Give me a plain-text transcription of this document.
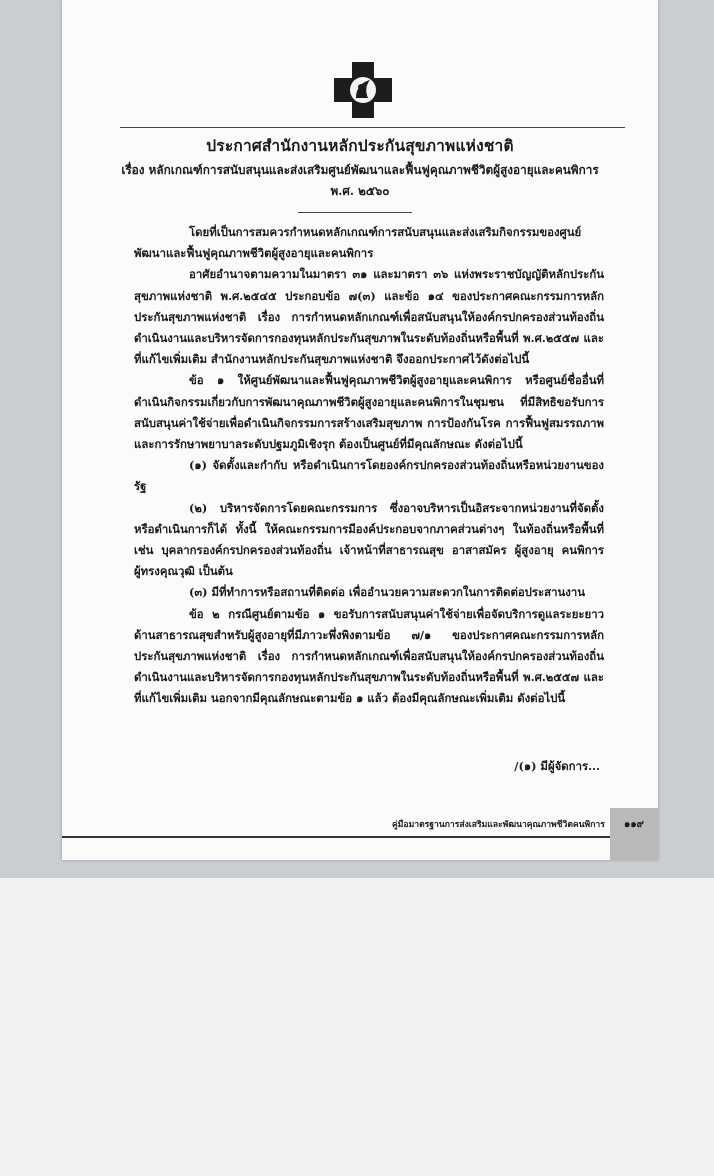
ประกาศสำนักงานหลักประกันสุขภาพแห่งชาติ
เรื่อง หลักเกณฑ์การสนับสนุนและส่งเสริมศูนย์พัฒนาและฟื้นฟูคุณภาพชีวิตผู้สูงอายุและคนพิการ
พ.ศ. ๒๕๖๐

โดยที่เป็นการสมควรกำหนดหลักเกณฑ์การสนับสนุนและส่งเสริมกิจกรรมของศูนย์พัฒนาและฟื้นฟูคุณภาพชีวิตผู้สูงอายุและคนพิการ

อาศัยอำนาจตามความในมาตรา ๓๑ และมาตรา ๓๖ แห่งพระราชบัญญัติหลักประกันสุขภาพแห่งชาติ พ.ศ.๒๕๔๕ ประกอบข้อ ๗(๓) และข้อ ๑๔ ของประกาศคณะกรรมการหลักประกันสุขภาพแห่งชาติ เรื่อง การกำหนดหลักเกณฑ์เพื่อสนับสนุนให้องค์กรปกครองส่วนท้องถิ่นดำเนินงานและบริหารจัดการกองทุนหลักประกันสุขภาพในระดับท้องถิ่นหรือพื้นที่ พ.ศ.๒๕๕๗ และที่แก้ไขเพิ่มเติม สำนักงานหลักประกันสุขภาพแห่งชาติ จึงออกประกาศไว้ดังต่อไปนี้

ข้อ ๑ ให้ศูนย์พัฒนาและฟื้นฟูคุณภาพชีวิตผู้สูงอายุและคนพิการ หรือศูนย์ชื่ออื่นที่ดำเนินกิจกรรมเกี่ยวกับการพัฒนาคุณภาพชีวิตผู้สูงอายุและคนพิการในชุมชน ที่มีสิทธิขอรับการสนับสนุนค่าใช้จ่ายเพื่อดำเนินกิจกรรมการสร้างเสริมสุขภาพ การป้องกันโรค การฟื้นฟูสมรรถภาพ และการรักษาพยาบาลระดับปฐมภูมิเชิงรุก ต้องเป็นศูนย์ที่มีคุณลักษณะ ดังต่อไปนี้

(๑) จัดตั้งและกำกับ หรือดำเนินการโดยองค์กรปกครองส่วนท้องถิ่นหรือหน่วยงานของรัฐ

(๒) บริหารจัดการโดยคณะกรรมการ ซึ่งอาจบริหารเป็นอิสระจากหน่วยงานที่จัดตั้งหรือดำเนินการก็ได้ ทั้งนี้ ให้คณะกรรมการมีองค์ประกอบจากภาคส่วนต่างๆ ในท้องถิ่นหรือพื้นที่ เช่น บุคลากรองค์กรปกครองส่วนท้องถิ่น เจ้าหน้าที่สาธารณสุข อาสาสมัคร ผู้สูงอายุ คนพิการ ผู้ทรงคุณวุฒิ เป็นต้น

(๓) มีที่ทำการหรือสถานที่ติดต่อ เพื่ออำนวยความสะดวกในการติดต่อประสานงาน

ข้อ ๒ กรณีศูนย์ตามข้อ ๑ ขอรับการสนับสนุนค่าใช้จ่ายเพื่อจัดบริการดูแลระยะยาวด้านสาธารณสุขสำหรับผู้สูงอายุที่มีภาวะพึ่งพิงตามข้อ ๗/๑ ของประกาศคณะกรรมการหลักประกันสุขภาพแห่งชาติ เรื่อง การกำหนดหลักเกณฑ์เพื่อสนับสนุนให้องค์กรปกครองส่วนท้องถิ่นดำเนินงานและบริหารจัดการกองทุนหลักประกันสุขภาพในระดับท้องถิ่นหรือพื้นที่ พ.ศ.๒๕๕๗ และที่แก้ไขเพิ่มเติม นอกจากมีคุณลักษณะตามข้อ ๑ แล้ว ต้องมีคุณลักษณะเพิ่มเติม ดังต่อไปนี้

/(๑) มีผู้จัดการ...
คู่มือมาตรฐานการส่งเสริมและพัฒนาคุณภาพชีวิตคนพิการ	๑๑๙
